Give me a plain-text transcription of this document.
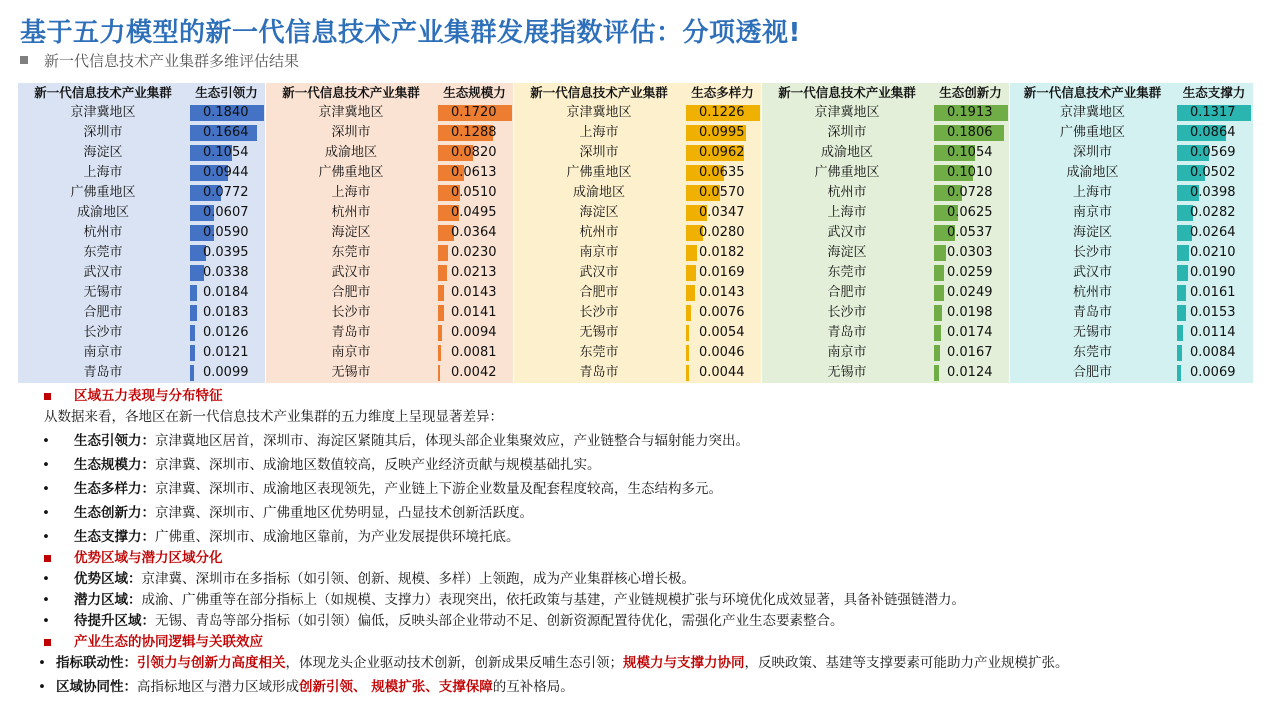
基于五力模型的新一代信息技术产业集群发展指数评估：分项透视!
新一代信息技术产业集群多维评估结果
新一代信息技术产业集群
京津冀地区
深圳市
海淀区
上海市
广佛重地区
成渝地区
杭州市
东莞市
武汉市
无锡市
合肥市
长沙市
南京市
青岛市
生态引领力
0.1840
0.1664
0.1054
0.0944
0.0772
0.0607
0.0590
0.0395
0.0338
0.0184
0.0183
0.0126
0.0121
0.0099
新一代信息技术产业集群
京津冀地区
深圳市
成渝地区
广佛重地区
上海市
杭州市
海淀区
东莞市
武汉市
合肥市
长沙市
青岛市
南京市
无锡市
生态规模力
0.1720
0.1288
0.0820
0.0613
0.0510
0.0495
0.0364
0.0230
0.0213
0.0143
0.0141
0.0094
0.0081
0.0042
新一代信息技术产业集群
京津冀地区
上海市
深圳市
广佛重地区
成渝地区
海淀区
杭州市
南京市
武汉市
合肥市
长沙市
无锡市
东莞市
青岛市
生态多样力
0.1226
0.0995
0.0962
0.0635
0.0570
0.0347
0.0280
0.0182
0.0169
0.0143
0.0076
0.0054
0.0046
0.0044
新一代信息技术产业集群
京津冀地区
深圳市
成渝地区
广佛重地区
杭州市
上海市
武汉市
海淀区
东莞市
合肥市
长沙市
青岛市
南京市
无锡市
生态创新力
0.1913
0.1806
0.1054
0.1010
0.0728
0.0625
0.0537
0.0303
0.0259
0.0249
0.0198
0.0174
0.0167
0.0124
新一代信息技术产业集群
京津冀地区
广佛重地区
深圳市
成渝地区
上海市
南京市
海淀区
长沙市
武汉市
杭州市
青岛市
无锡市
东莞市
合肥市
生态支撑力
0.1317
0.0864
0.0569
0.0502
0.0398
0.0282
0.0264
0.0210
0.0190
0.0161
0.0153
0.0114
0.0084
0.0069
区域五力表现与分布特征
从数据来看，各地区在新一代信息技术产业集群的五力维度上呈现显著差异：
• 生态引领力：京津冀地区居首，深圳市、海淀区紧随其后，体现头部企业集聚效应，产业链整合与辐射能力突出。
• 生态规模力：京津冀、深圳市、成渝地区数值较高，反映产业经济贡献与规模基础扎实。
• 生态多样力：京津冀、深圳市、成渝地区表现领先，产业链上下游企业数量及配套程度较高，生态结构多元。
• 生态创新力：京津冀、深圳市、广佛重地区优势明显，凸显技术创新活跃度。
• 生态支撑力：广佛重、深圳市、成渝地区靠前，为产业发展提供环境托底。
优势区域与潜力区域分化
• 优势区域：京津冀、深圳市在多指标（如引领、创新、规模、多样）上领跑，成为产业集群核心增长极。
• 潜力区域：成渝、广佛重等在部分指标上（如规模、支撑力）表现突出，依托政策与基建，产业链规模扩张与环境优化成效显著，具备补链强链潜力。
• 待提升区域：无锡、青岛等部分指标（如引领）偏低，反映头部企业带动不足、创新资源配置待优化，需强化产业生态要素整合。
产业生态的协同逻辑与关联效应
• 指标联动性：引领力与创新力高度相关，体现龙头企业驱动技术创新，创新成果反哺生态引领；规模力与支撑力协同，反映政策、基建等支撑要素可能助力产业规模扩张。
• 区域协同性：高指标地区与潜力区域形成创新引领、 规模扩张、支撑保障的互补格局。
